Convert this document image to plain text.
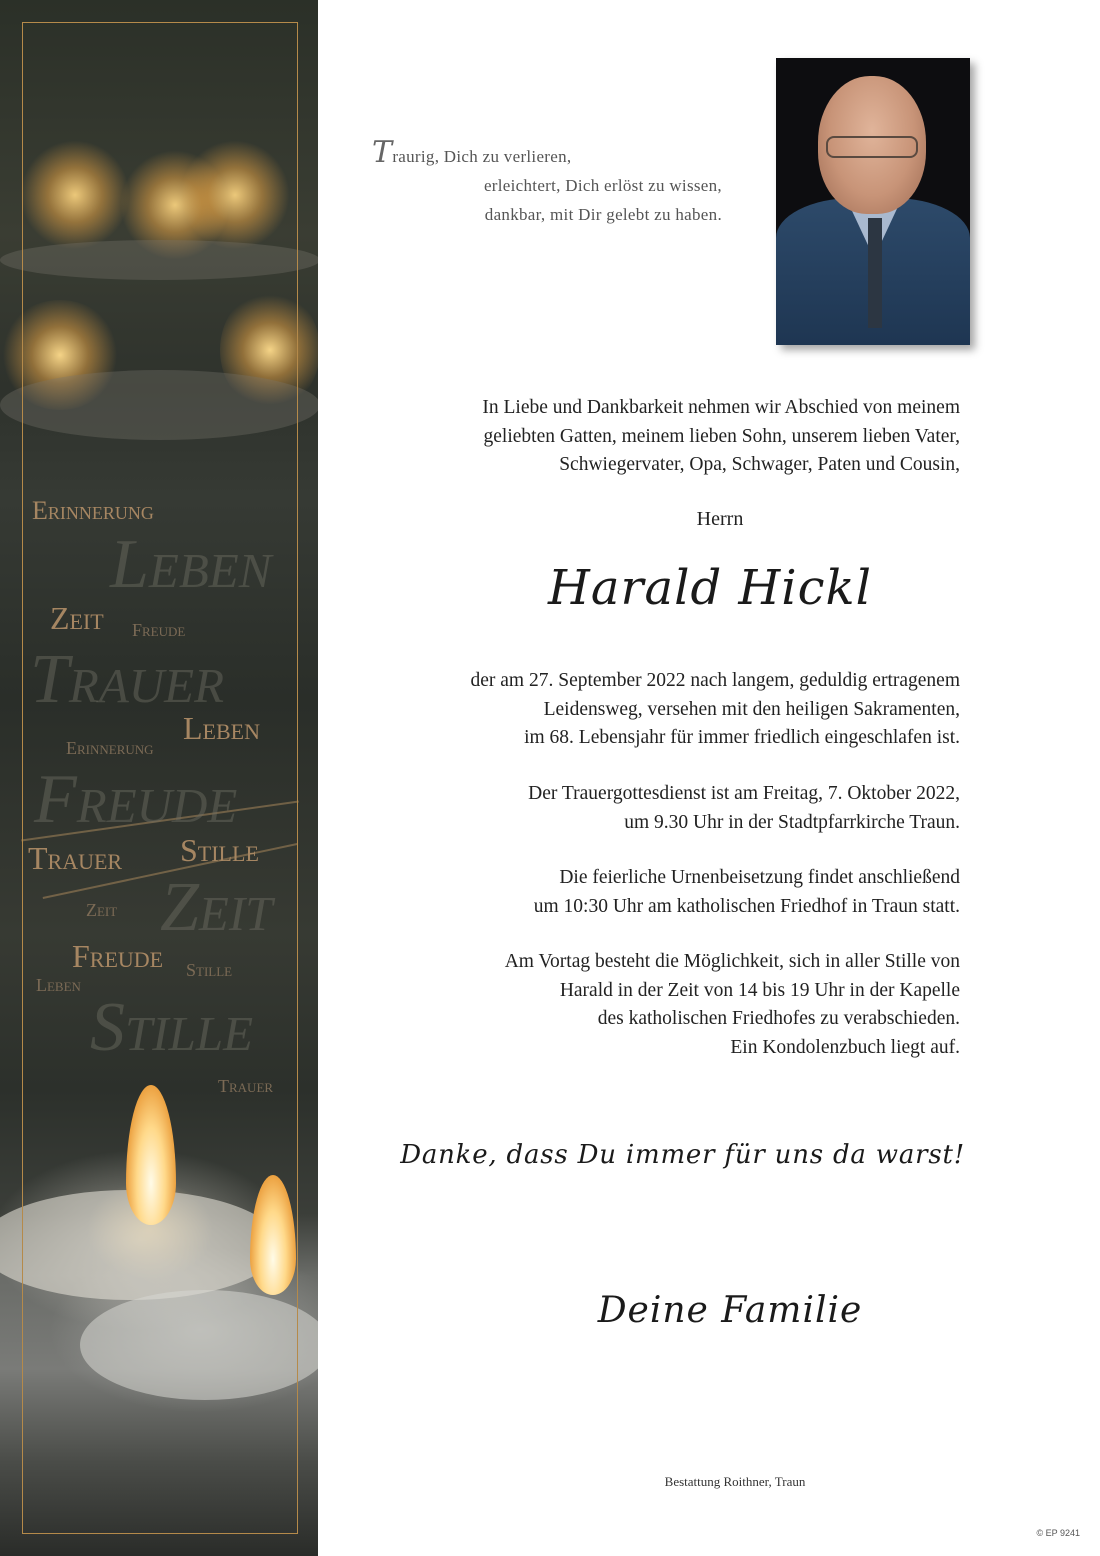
Erinnerung
Leben
Zeit Freude
Trauer
Leben
Erinnerung
Freude
Trauer Stille
Zeit Zeit
Freude Stille
Leben
Stille
Trauer
Traurig, Dich zu verlieren,
erleichtert, Dich erlöst zu wissen,
dankbar, mit Dir gelebt zu haben.

In Liebe und Dankbarkeit nehmen wir Abschied von meinem
geliebten Gatten, meinem lieben Sohn, unserem lieben Vater,
Schwiegervater, Opa, Schwager, Paten und Cousin,

Herrn
Harald Hickl

der am 27. September 2022 nach langem, geduldig ertragenem
Leidensweg, versehen mit den heiligen Sakramenten,
im 68. Lebensjahr für immer friedlich eingeschlafen ist.

Der Trauergottesdienst ist am Freitag, 7. Oktober 2022,
um 9.30 Uhr in der Stadtpfarrkirche Traun.

Die feierliche Urnenbeisetzung findet anschließend
um 10:30 Uhr am katholischen Friedhof in Traun statt.

Am Vortag besteht die Möglichkeit, sich in aller Stille von
Harald in der Zeit von 14 bis 19 Uhr in der Kapelle
des katholischen Friedhofes zu verabschieden.
Ein Kondolenzbuch liegt auf.

Danke, dass Du immer für uns da warst!
Deine Familie
Bestattung Roithner, Traun
© EP 9241
